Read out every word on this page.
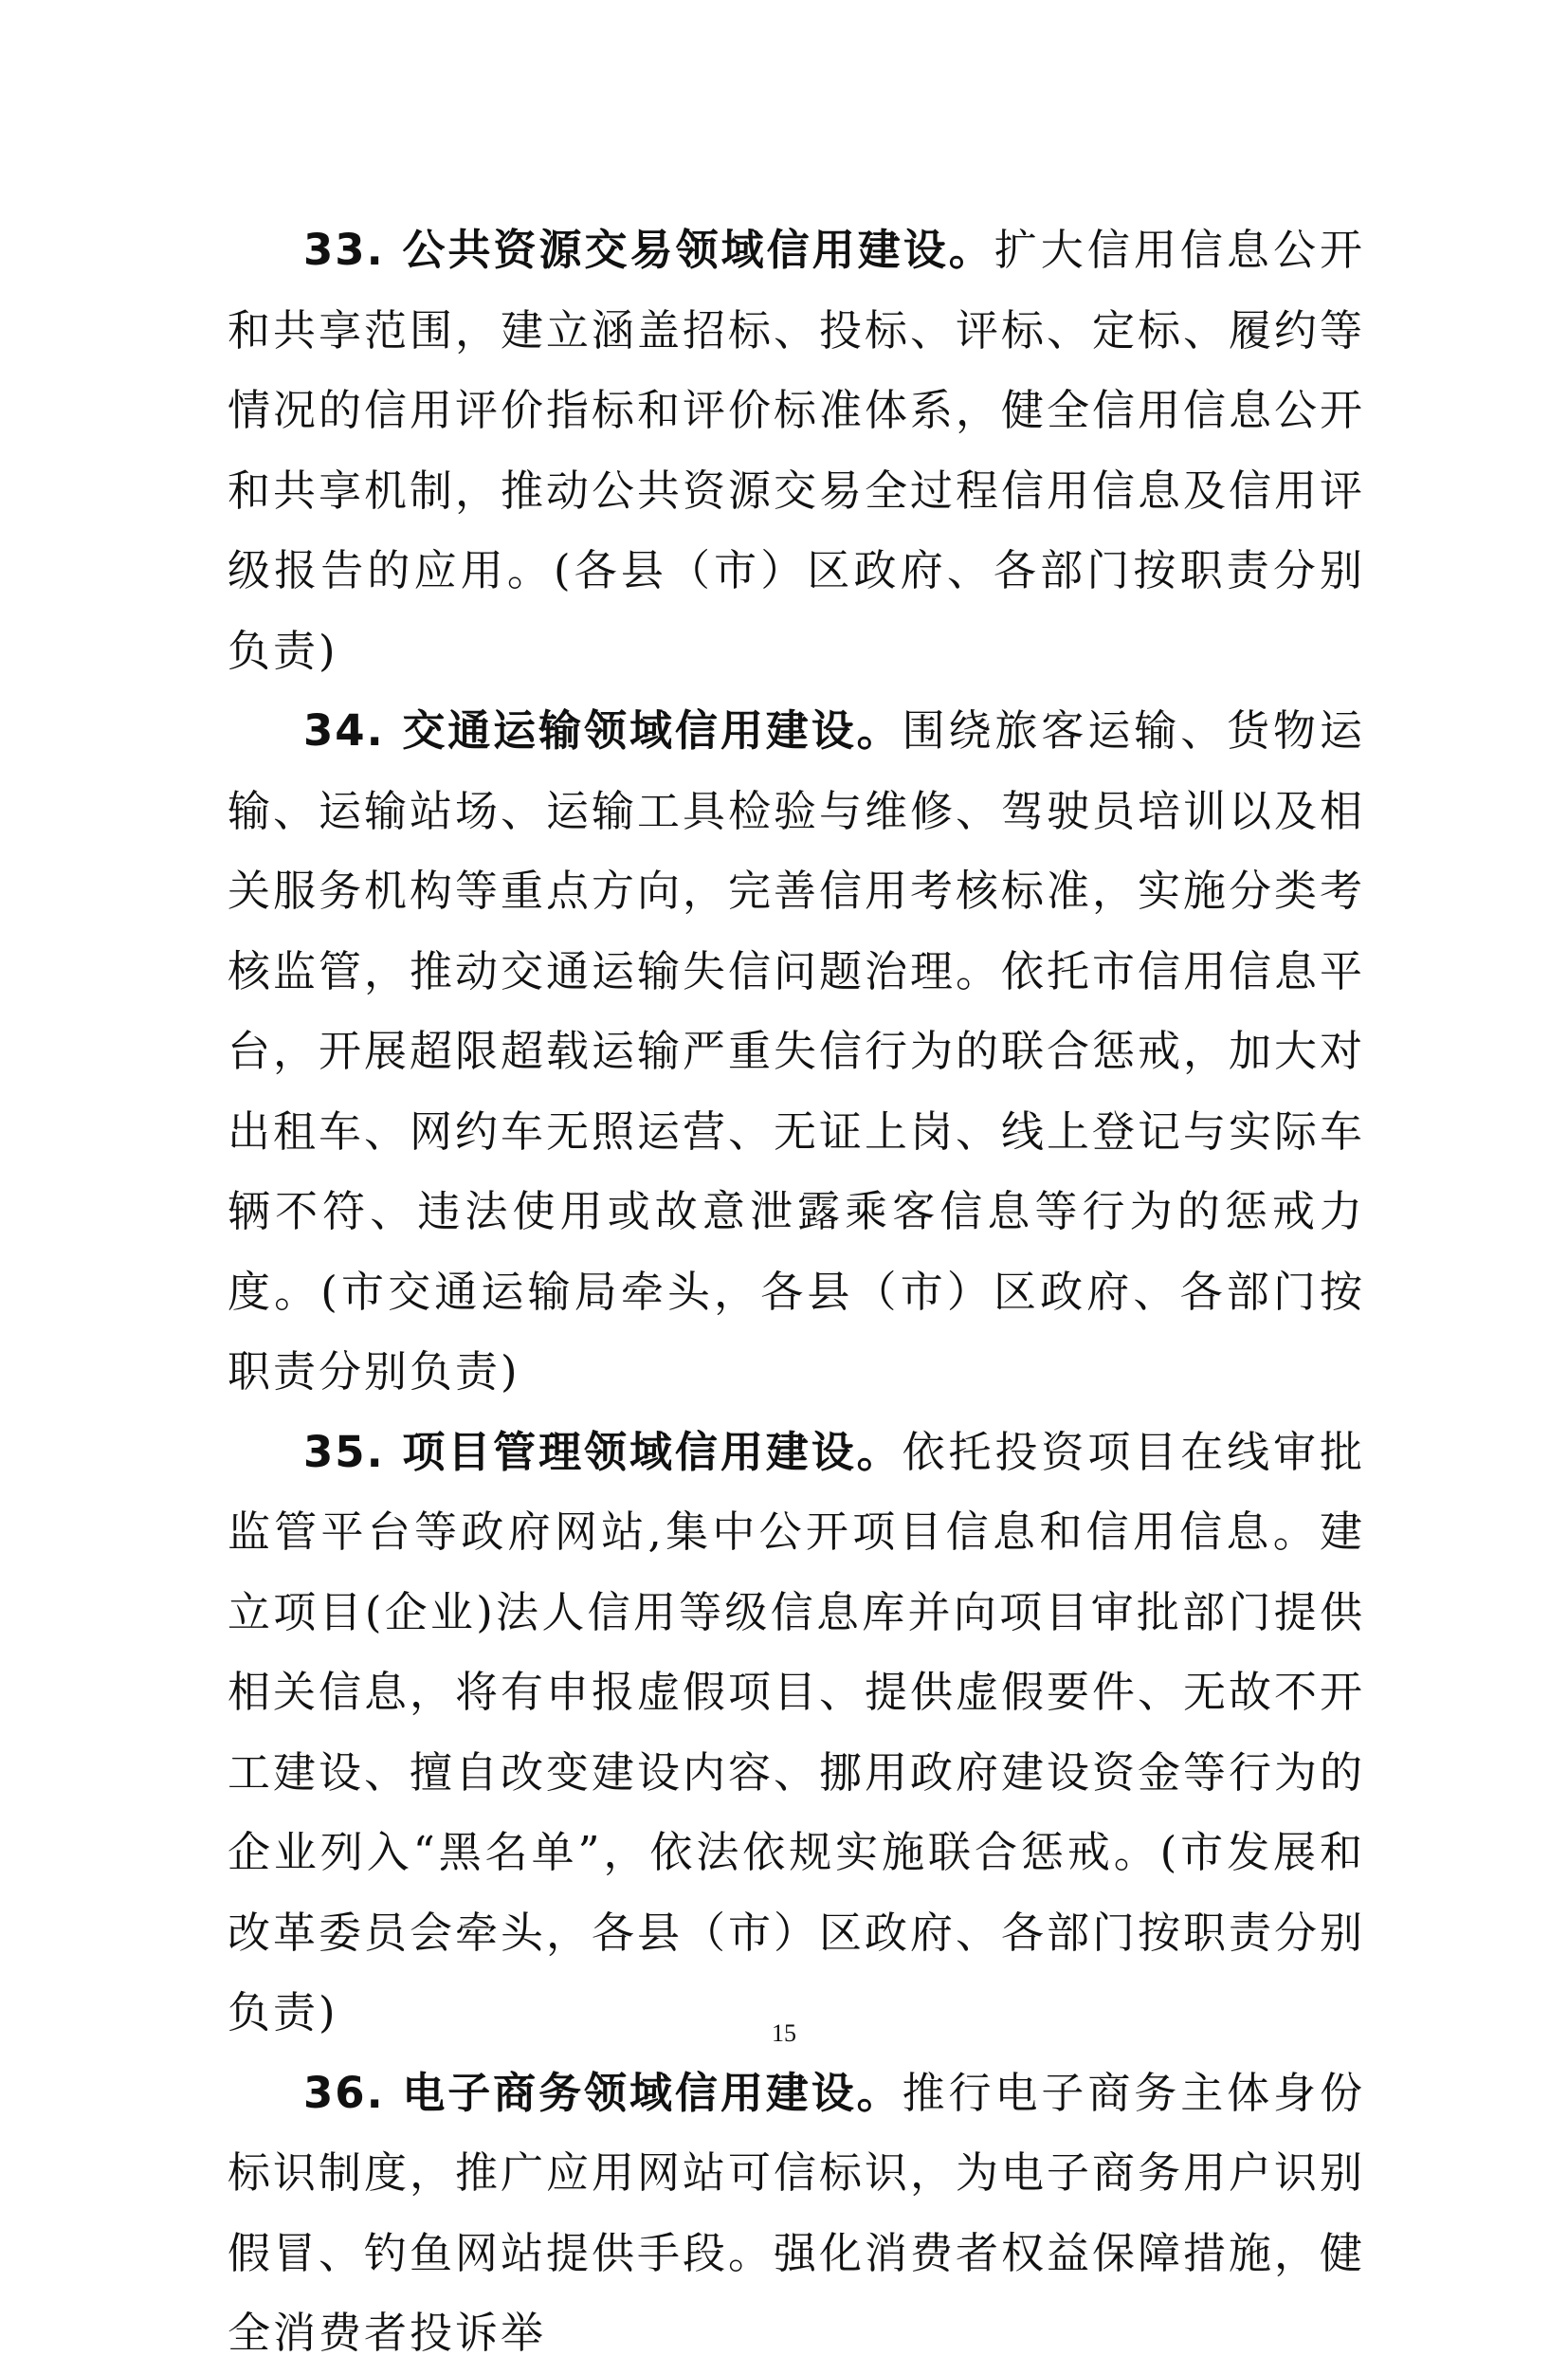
33. 公共资源交易领域信用建设。扩大信用信息公开和共享范围，建立涵盖招标、投标、评标、定标、履约等情况的信用评价指标和评价标准体系，健全信用信息公开和共享机制，推动公共资源交易全过程信用信息及信用评级报告的应用。(各县（市）区政府、各部门按职责分别负责)

34. 交通运输领域信用建设。围绕旅客运输、货物运输、运输站场、运输工具检验与维修、驾驶员培训以及相关服务机构等重点方向，完善信用考核标准，实施分类考核监管，推动交通运输失信问题治理。依托市信用信息平台，开展超限超载运输严重失信行为的联合惩戒，加大对出租车、网约车无照运营、无证上岗、线上登记与实际车辆不符、违法使用或故意泄露乘客信息等行为的惩戒力度。(市交通运输局牵头，各县（市）区政府、各部门按职责分别负责)

35. 项目管理领域信用建设。依托投资项目在线审批监管平台等政府网站,集中公开项目信息和信用信息。建立项目(企业)法人信用等级信息库并向项目审批部门提供相关信息，将有申报虚假项目、提供虚假要件、无故不开工建设、擅自改变建设内容、挪用政府建设资金等行为的企业列入“黑名单”，依法依规实施联合惩戒。(市发展和改革委员会牵头，各县（市）区政府、各部门按职责分别负责)

36. 电子商务领域信用建设。推行电子商务主体身份标识制度，推广应用网站可信标识，为电子商务用户识别假冒、钓鱼网站提供手段。强化消费者权益保障措施，健全消费者投诉举

15
